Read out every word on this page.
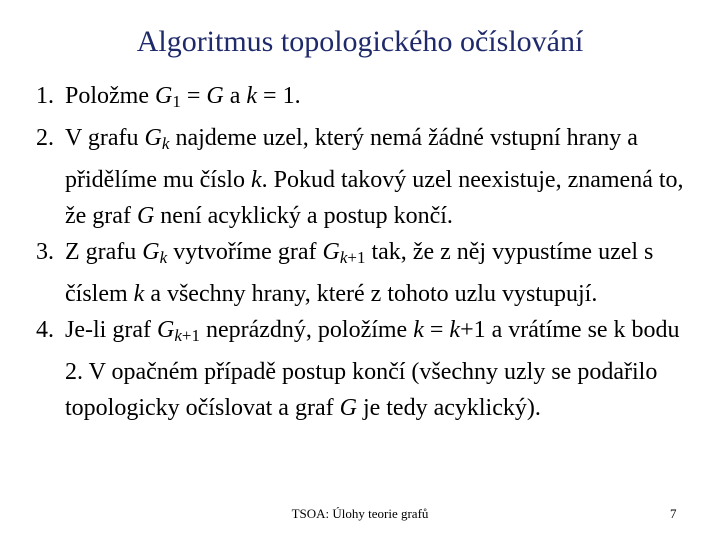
Algoritmus topologického očíslování
1. Položme $G_1 = G$ a k = 1.
2. V grafu $G_k$ najdeme uzel, který nemá žádné vstupní hrany a přidělíme mu číslo k. Pokud takový uzel neexistuje, znamená to, že graf G není acyklický a postup končí.
3. Z grafu $G_k$ vytvoříme graf $G_{k+1}$ tak, že z něj vypustíme uzel s číslem k a všechny hrany, které z tohoto uzlu vystupují.
4. Je-li graf $G_{k+1}$ neprázdný, položíme k = k+1 a vrátíme se k bodu 2. V opačném případě postup končí (všechny uzly se podařilo topologicky očíslovat a graf G je tedy acyklický).
TSOA: Úlohy teorie grafů	7
